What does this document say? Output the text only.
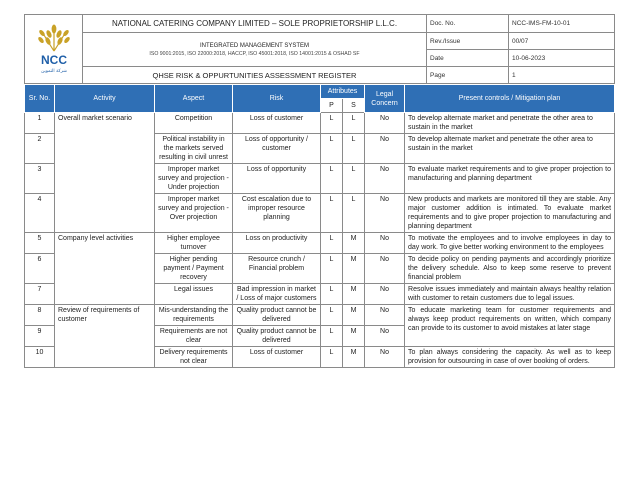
NCC
شركة التموين	NATIONAL CATERING COMPANY LIMITED – SOLE PROPRIETORSHIP L.L.C.	Doc. No.	NCC-IMS-FM-10-01

	INTEGRATED MANAGEMENT SYSTEM
ISO 9001:2015, ISO 22000:2018, HACCP, ISO 45001:2018, ISO 14001:2015 & OSHAD SF	Rev./Issue	00/07
		Date	10-06-2023
	QHSE RISK & OPPURTUNITIES ASSESSMENT REGISTER	Page	1
Sr. No.	Activity	Aspect	Risk	Attributes		Legal Concern	Present controls / Mitigation plan
				P	S		
1	Overall market scenario	Competition	Loss of customer	L	L	No	To develop alternate market and penetrate the other area to sustain in the market
2		Political instability in the markets served resulting in civil unrest	Loss of opportunity / customer	L	L	No	To develop alternate market and penetrate the other area to sustain in the market
3		Improper market survey and projection - Under projection	Loss of opportunity	L	L	No	To evaluate market requirements and to give proper projection to manufacturing and planning department
4		Improper market survey and projection -Over projection	Cost escalation due to improper resource planning	L	L	No	New products and markets are monitored till they are stable. Any major customer addition is intimated. To evaluate market requirements and to give proper projection to manufacturing and planning department
5	Company level activities	Higher employee turnover	Loss on productivity	L	M	No	To motivate the employees and to involve employees in day to day work. To give better working environment to the employees
6		Higher pending payment / Payment recovery	Resource crunch / Financial problem	L	M	No	To decide policy on pending payments and accordingly prioritize the delivery schedule. Also to keep some reserve to prevent financial problem
7		Legal issues	Bad impression in market / Loss of major customers	L	M	No	Resolve issues immediately and maintain always healthy relation with customer to retain customers due to legal issues.
8	Review of requirements of customer	Mis-understanding the requirements	Quality product cannot be delivered	L	M	No	To educate marketing team for customer requirements and always keep product requirements on written, which company can provide to its customer to avoid mistakes at later stage
9		Requirements are not clear	Quality product cannot be delivered	L	M	No	
10		Delivery requirements not clear	Loss of customer	L	M	No	To plan always considering the capacity. As well as to keep provision for outsourcing in case of over booking of orders.
